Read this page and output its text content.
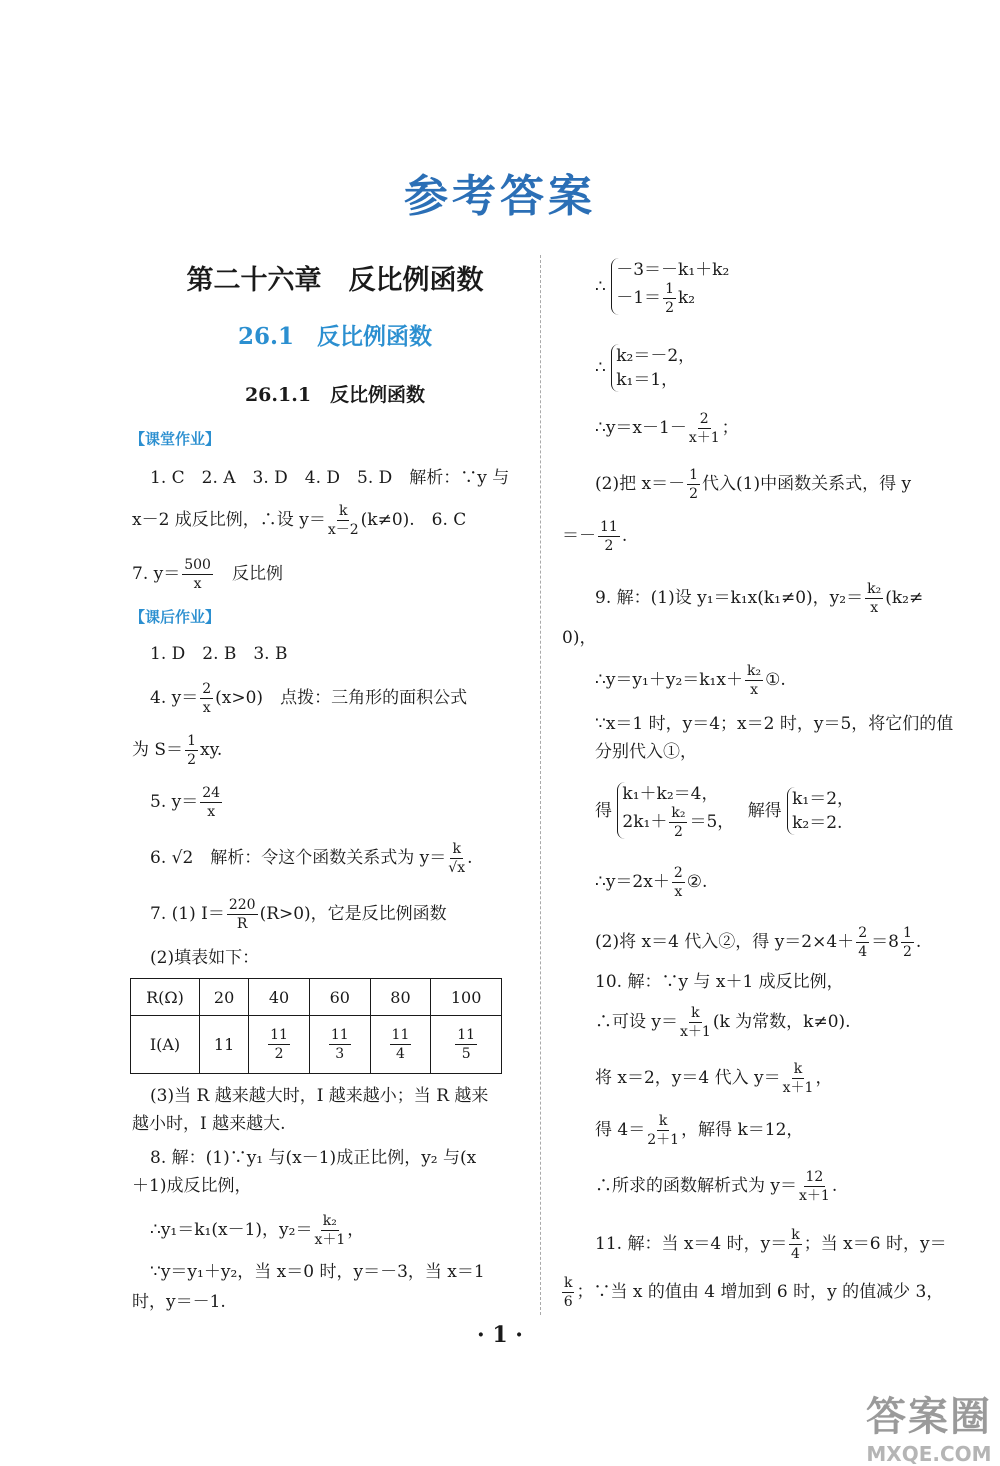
参考答案
第二十六章　反比例函数
26.1　反比例函数
26.1.1　反比例函数
【课堂作业】
1. C　2. A　3. D　4. D　5. D　解析：∵y 与
x－2 成反比例，∴设 $y= \frac{k}{x-2} (k\ne 0)$.　6. C
7. $y= \frac{500}{x}$ 　反比例
【课后作业】
1. D　2. B　3. B
4. $y= \frac{2}{x} (x>0)$　点拨：三角形的面积公式
为 $S= \frac{1}{2}$ xy.
5. $y= \frac{24}{x}$
6. √2　解析：令这个函数关系式为 $y= \frac{k}{√x}$ .
7. (1) $I= \frac{220}{R} (R>0)$，它是反比例函数
(2)填表如下：
R(Ω)	20	40	60	80	100
I(A)	11	$\frac{11}{2}$	$\frac{11}{3}$	$\frac{11}{4}$	$\frac{11}{5}$
(3)当 R 越来越大时，I 越来越小；当 R 越来
越小时，I 越来越大.
8. 解：(1)∵y₁ 与(x－1)成正比例，y₂ 与(x
＋1)成反比例，
∴y₁＝k₁(x－1)，$y_2= \frac{\text{k₂}}{x+1}$ ，
∵y＝y₁＋y₂，当 x＝0 时，y＝－3，当 x＝1
时，y＝－1.
∴
－3＝－k₁＋k₂
$-1= \frac{1}{2} k_2$
∴
k₂＝－2，
k₁＝1，
∴y＝x－1－ $\frac{2}{x+1}$ ；
(2)把 $x=- \frac{1}{2}$ 代入(1)中函数关系式，得 y
＝－ $\frac{11}{2}$ .
9. 解：(1)设 y₁＝k₁x(k₁≠0)，$y_2= \frac{\text{k₂}}{x} (k_2\ne$
0)，
∴y＝y₁＋y₂＝k₁x＋ $\frac{\text{k₂}}{x}$ ①.
∵x＝1 时，y＝4；x＝2 时，y＝5，将它们的值
分别代入①，
得
k₁＋k₂＝4，
$2k_1+ \frac{\text{k₂}}{2} =5$，
解得
k₁＝2，
k₂＝2.
∴y＝2x＋ $\frac{2}{x}$ ②.
(2)将 x＝4 代入②，得 $y=2\times 4+ \frac{2}{4} =8 \frac{1}{2}$ .
10. 解：∵y 与 x＋1 成反比例，
∴可设 $y= \frac{k}{x+1} (k$ 为常数，k≠0).
将 x＝2，y＝4 代入 $y= \frac{k}{x+1}$ ，
得 $4= \frac{k}{2+1}$ ，解得 k＝12，
∴所求的函数解析式为 $y= \frac{12}{x+1}$ .
11. 解：当 x＝4 时，$y= \frac{k}{4}$ ；当 x＝6 时，y＝
$\frac{k}{6}$ ；∵当 x 的值由 4 增加到 6 时，y 的值减少 3，
· 1 ·
答案圈
MXQE.COM
